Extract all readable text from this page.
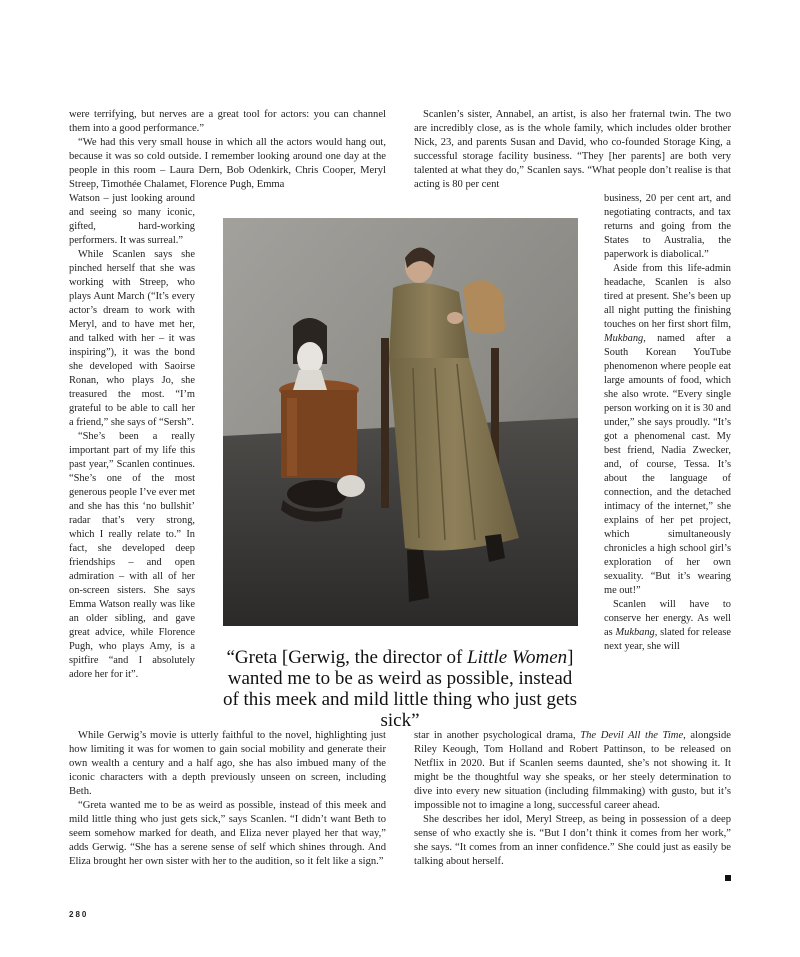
were terrifying, but nerves are a great tool for actors: you can channel them into a good performance.”

“We had this very small house in which all the actors would hang out, because it was so cold outside. I remember looking around one day at the people in this room – Laura Dern, Bob Odenkirk, Chris Cooper, Meryl Streep, Timothée Chalamet, Florence Pugh, Emma

Watson – just looking around and seeing so many iconic, gifted, hard-working performers. It was surreal.”

While Scanlen says she pinched herself that she was working with Streep, who plays Aunt March (“It’s every actor’s dream to work with Meryl, and to have met her, and talked with her – it was inspiring”), it was the bond she developed with Saoirse Ronan, who plays Jo, she treasured the most. “I’m grateful to be able to call her a friend,” she says of “Sersh”.

“She’s been a really important part of my life this past year,” Scanlen continues. “She’s one of the most generous people I’ve ever met and she has this ‘no bullshit’ radar that’s very strong, which I really relate to.” In fact, she developed deep friendships – and open admiration – with all of her on-screen sisters. She says Emma Watson really was like an older sibling, and gave great advice, while Florence Pugh, who plays Amy, is a spitfire “and I absolutely adore her for it”.

While Gerwig’s movie is utterly faithful to the novel, highlighting just how limiting it was for women to gain social mobility and generate their own wealth a century and a half ago, she has also imbued many of the iconic characters with a depth previously unseen on screen, including Beth.

“Greta wanted me to be as weird as possible, instead of this meek and mild little thing who just gets sick,” says Scanlen. “I didn’t want Beth to seem somehow marked for death, and Eliza never played her that way,” adds Gerwig. “She has a serene sense of self which shines through. And Eliza brought her own sister with her to the audition, so it felt like a sign.”

Scanlen’s sister, Annabel, an artist, is also her fraternal twin. The two are incredibly close, as is the whole family, which includes older brother Nick, 23, and parents Susan and David, who co-founded Storage King, a successful storage facility business. “They [her parents] are both very talented at what they do,” Scanlen says. “What people don’t realise is that acting is 80 per cent

business, 20 per cent art, and negotiating contracts, and tax returns and going from the States to Australia, the paperwork is diabolical.”

Aside from this life-admin headache, Scanlen is also tired at present. She’s been up all night putting the finishing touches on her first short film, Mukbang, named after a South Korean YouTube phenomenon where people eat large amounts of food, which she also wrote. “Every single person working on it is 30 and under,” she says proudly. “It’s got a phenomenal cast. My best friend, Nadia Zwecker, and, of course, Tessa. It’s about the language of connection, and the detached intimacy of the internet,” she explains of her pet project, which simultaneously chronicles a high school girl’s exploration of her own sexuality. “But it’s wearing me out!”

Scanlen will have to conserve her energy. As well as Mukbang, slated for release next year, she will

star in another psychological drama, The Devil All the Time, alongside Riley Keough, Tom Holland and Robert Pattinson, to be released on Netflix in 2020. But if Scanlen seems daunted, she’s not showing it. It might be the thoughtful way she speaks, or her steely determination to dive into every new situation (including filmmaking) with gusto, but it’s impossible not to imagine a long, successful career ahead.

She describes her idol, Meryl Streep, as being in possession of a deep sense of who exactly she is. “But I don’t think it comes from her work,” she says. “It comes from an inner confidence.” She could just as easily be talking about herself.

“Greta [Gerwig, the director of Little Women] wanted me to be as weird as possible, instead of this meek and mild little thing who just gets sick”
280
